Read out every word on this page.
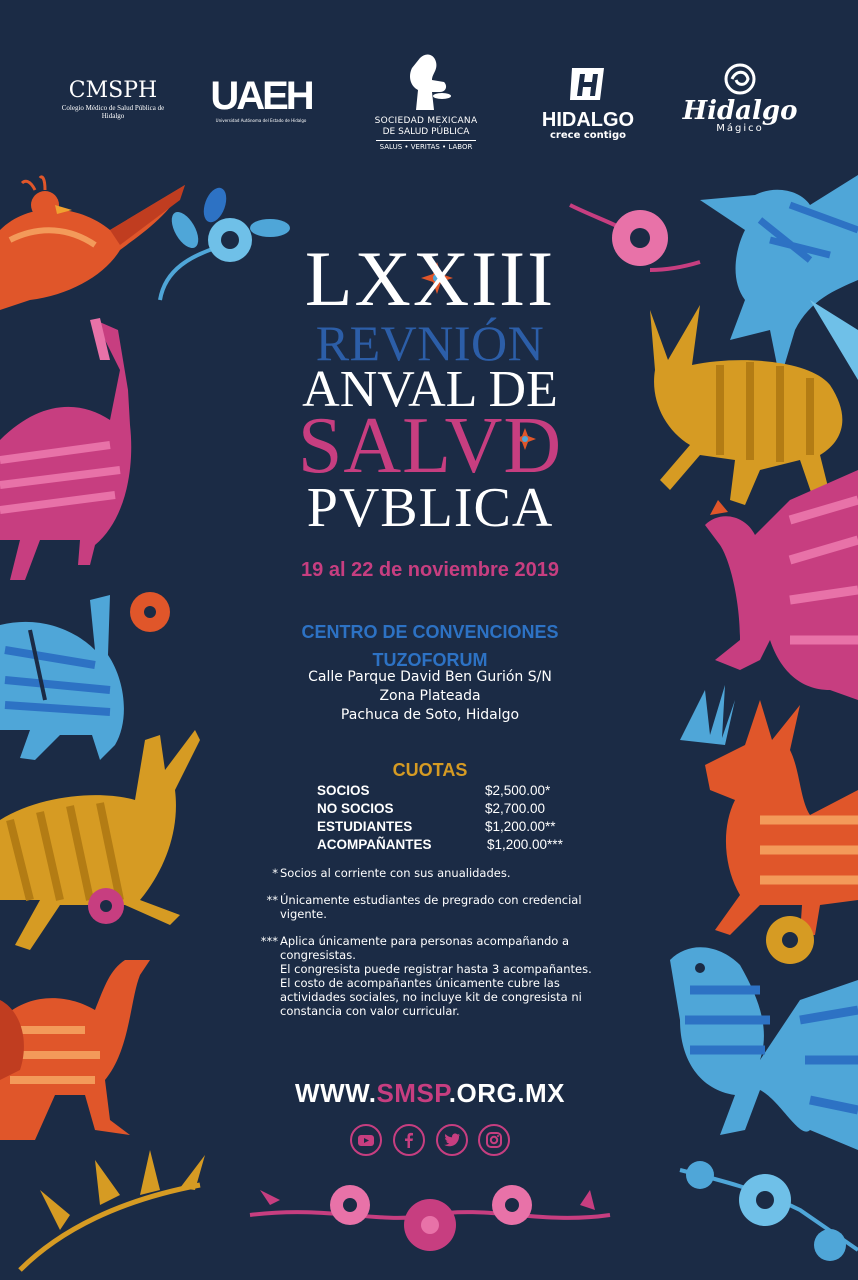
CMSPH
Colegio Médico de Salud Pública de Hidalgo	UAEH
Universidad Autónoma del Estado de Hidalgo	SOCIEDAD MEXICANA
DE SALUD PÚBLICA
SALUS • VERITAS • LABOR
HIDALGO
crece contigo
Hidalgo
Mágico
LXXIII
REVNIÓN
ANVAL DE
SALVD
PVBLICA
19 al 22 de noviembre 2019
CENTRO DE CONVENCIONES
TUZOFORUM
Calle Parque David Ben Gurión S/N
Zona Plateada
Pachuca de Soto, Hidalgo
CUOTAS
SOCIOS	$2,500.00*
NO SOCIOS	$2,700.00
ESTUDIANTES	$1,200.00**
ACOMPAÑANTES	$1,200.00***
* Socios al corriente con sus anualidades.
** Únicamente estudiantes de pregrado con credencial
vigente.
*** Aplica únicamente para personas acompañando a
congresistas.
El congresista puede registrar hasta 3 acompañantes.
El costo de acompañantes únicamente cubre las
actividades sociales, no incluye kit de congresista ni
constancia con valor curricular.
WWW.SMSP.ORG.MX
